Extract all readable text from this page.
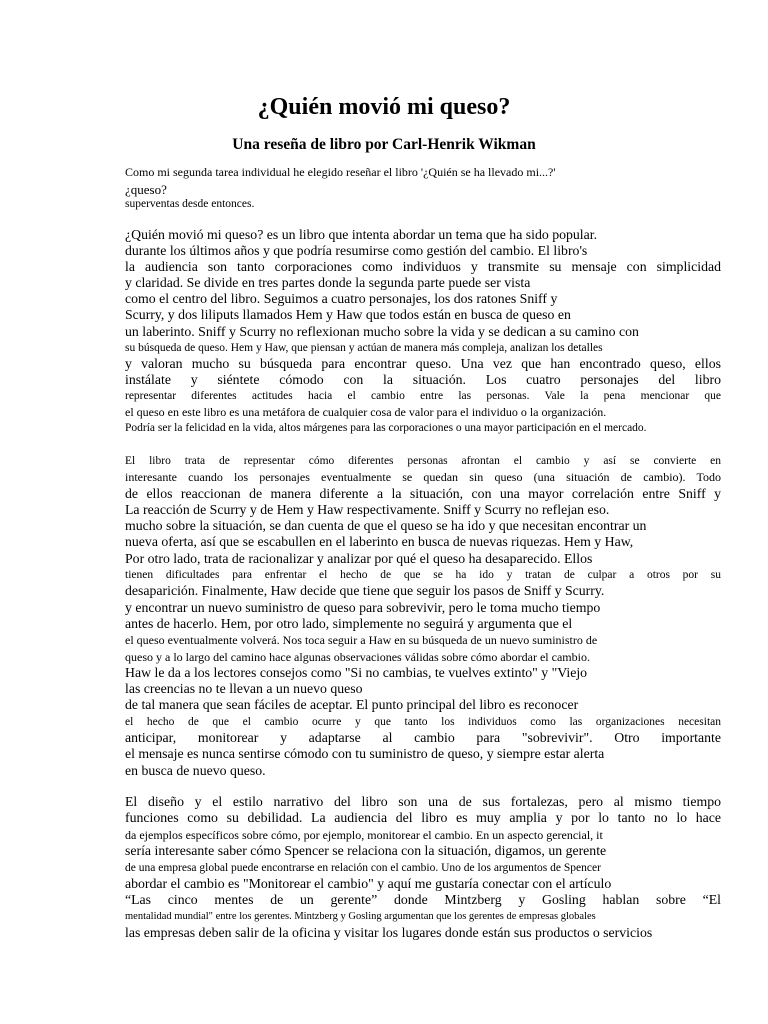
¿Quién movió mi queso?
Una reseña de libro por Carl-Henrik Wikman
Como mi segunda tarea individual he elegido reseñar el libro '¿Quién se ha llevado mi...?'
¿queso?
superventas desde entonces.
¿Quién movió mi queso? es un libro que intenta abordar un tema que ha sido popular.
durante los últimos años y que podría resumirse como gestión del cambio. El libro's
la audiencia son tanto corporaciones como individuos y transmite su mensaje con simplicidad
y claridad. Se divide en tres partes donde la segunda parte puede ser vista
como el centro del libro. Seguimos a cuatro personajes, los dos ratones Sniff y
Scurry, y dos liliputs llamados Hem y Haw que todos están en busca de queso en
un laberinto. Sniff y Scurry no reflexionan mucho sobre la vida y se dedican a su camino con
su búsqueda de queso. Hem y Haw, que piensan y actúan de manera más compleja, analizan los detalles
y valoran mucho su búsqueda para encontrar queso. Una vez que han encontrado queso, ellos
instálate y siéntete cómodo con la situación. Los cuatro personajes del libro
representar diferentes actitudes hacia el cambio entre las personas. Vale la pena mencionar que
el queso en este libro es una metáfora de cualquier cosa de valor para el individuo o la organización.
Podría ser la felicidad en la vida, altos márgenes para las corporaciones o una mayor participación en el mercado.
El libro trata de representar cómo diferentes personas afrontan el cambio y así se convierte en
interesante cuando los personajes eventualmente se quedan sin queso (una situación de cambio). Todo
de ellos reaccionan de manera diferente a la situación, con una mayor correlación entre Sniff y
La reacción de Scurry y de Hem y Haw respectivamente. Sniff y Scurry no reflejan eso.
mucho sobre la situación, se dan cuenta de que el queso se ha ido y que necesitan encontrar un
nueva oferta, así que se escabullen en el laberinto en busca de nuevas riquezas. Hem y Haw,
Por otro lado, trata de racionalizar y analizar por qué el queso ha desaparecido. Ellos
tienen dificultades para enfrentar el hecho de que se ha ido y tratan de culpar a otros por su
desaparición. Finalmente, Haw decide que tiene que seguir los pasos de Sniff y Scurry.
y encontrar un nuevo suministro de queso para sobrevivir, pero le toma mucho tiempo
antes de hacerlo. Hem, por otro lado, simplemente no seguirá y argumenta que el
el queso eventualmente volverá. Nos toca seguir a Haw en su búsqueda de un nuevo suministro de
queso y a lo largo del camino hace algunas observaciones válidas sobre cómo abordar el cambio.
Haw le da a los lectores consejos como "Si no cambias, te vuelves extinto" y "Viejo
las creencias no te llevan a un nuevo queso
de tal manera que sean fáciles de aceptar. El punto principal del libro es reconocer
el hecho de que el cambio ocurre y que tanto los individuos como las organizaciones necesitan
anticipar, monitorear y adaptarse al cambio para "sobrevivir". Otro importante
el mensaje es nunca sentirse cómodo con tu suministro de queso, y siempre estar alerta
en busca de nuevo queso.
El diseño y el estilo narrativo del libro son una de sus fortalezas, pero al mismo tiempo
funciones como su debilidad. La audiencia del libro es muy amplia y por lo tanto no lo hace
da ejemplos específicos sobre cómo, por ejemplo, monitorear el cambio. En un aspecto gerencial, it
sería interesante saber cómo Spencer se relaciona con la situación, digamos, un gerente
de una empresa global puede encontrarse en relación con el cambio. Uno de los argumentos de Spencer
abordar el cambio es "Monitorear el cambio" y aquí me gustaría conectar con el artículo
“Las cinco mentes de un gerente” donde Mintzberg y Gosling hablan sobre “El
mentalidad mundial" entre los gerentes. Mintzberg y Gosling argumentan que los gerentes de empresas globales
las empresas deben salir de la oficina y visitar los lugares donde están sus productos o servicios
